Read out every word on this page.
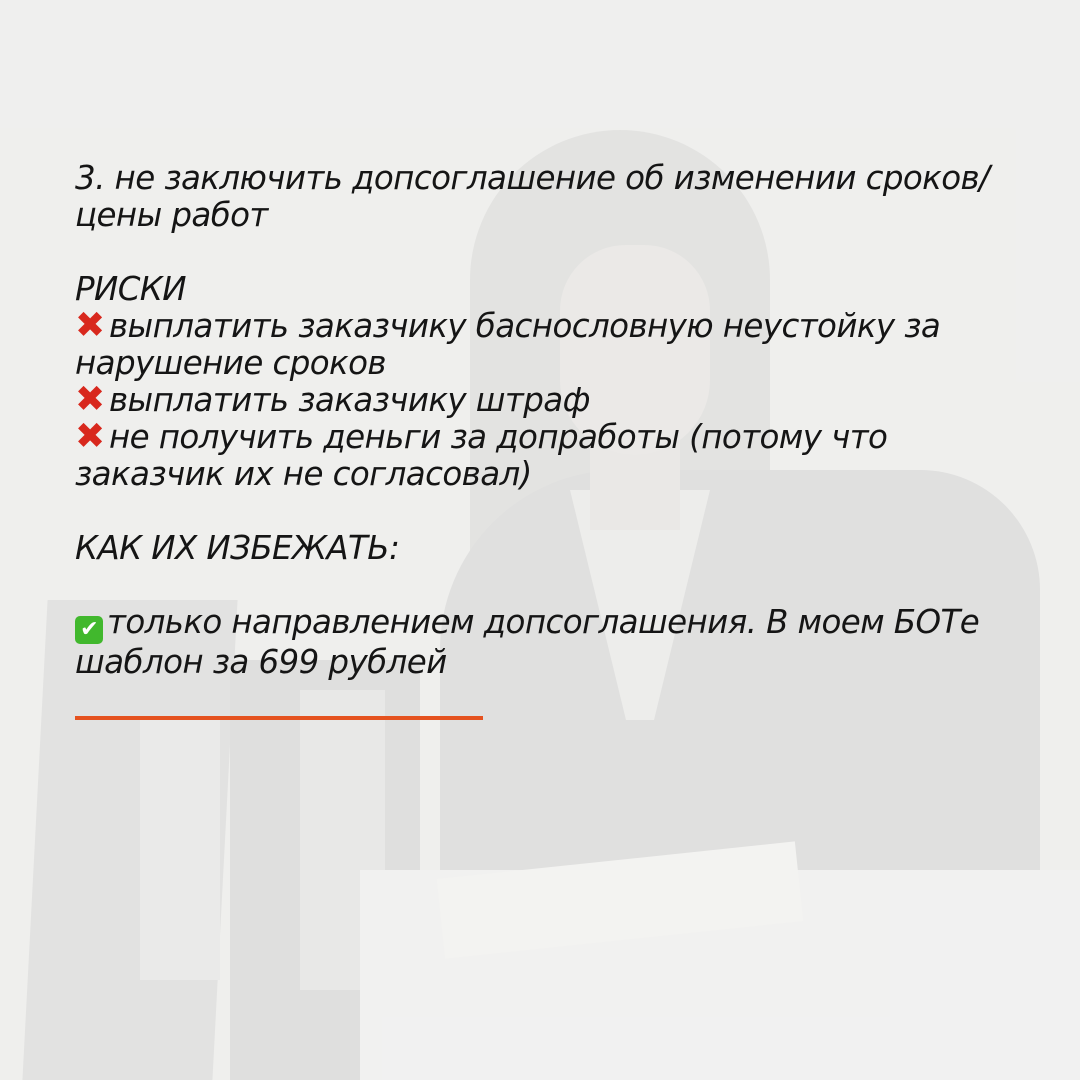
3. не заключить допсоглашение об изменении сроков/
цены работ
РИСКИ
✖ выплатить заказчику баснословную неустойку за
нарушение сроков
✖ выплатить заказчику штраф
✖ не получить деньги за допработы (потому что
заказчик их не согласовал)
КАК ИХ ИЗБЕЖАТЬ:
✔ только направлением допсоглашения. В моем БОТе
шаблон за 699 рублей
